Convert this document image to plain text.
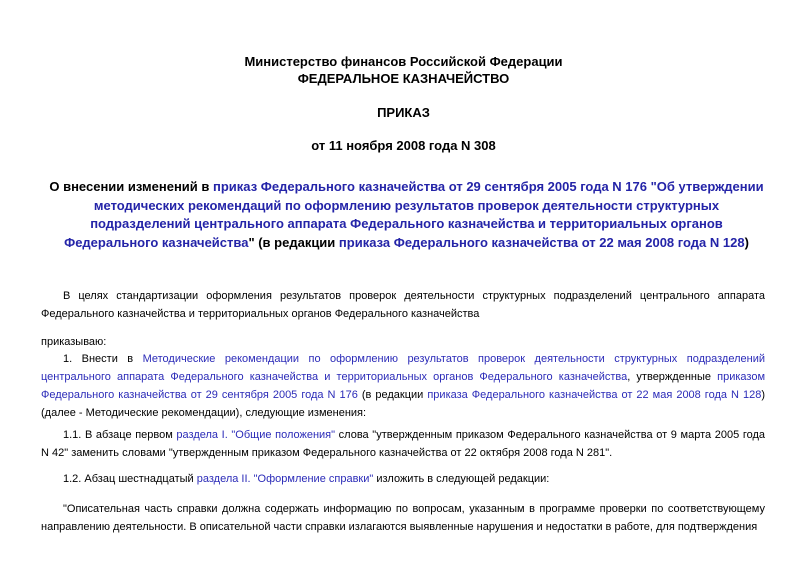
Министерство финансов Российской Федерации
ФЕДЕРАЛЬНОЕ КАЗНАЧЕЙСТВО
ПРИКАЗ
от 11 ноября 2008 года N 308
О внесении изменений в приказ Федерального казначейства от 29 сентября 2005 года N 176 "Об утверждении методических рекомендаций по оформлению результатов проверок деятельности структурных подразделений центрального аппарата Федерального казначейства и территориальных органов Федерального казначейства" (в редакции приказа Федерального казначейства от 22 мая 2008 года N 128)
В целях стандартизации оформления результатов проверок деятельности структурных подразделений центрального аппарата Федерального казначейства и территориальных органов Федерального казначейства
приказываю:
1. Внести в Методические рекомендации по оформлению результатов проверок деятельности структурных подразделений центрального аппарата Федерального казначейства и территориальных органов Федерального казначейства, утвержденные приказом Федерального казначейства от 29 сентября 2005 года N 176 (в редакции приказа Федерального казначейства от 22 мая 2008 года N 128) (далее - Методические рекомендации), следующие изменения:
1.1. В абзаце первом раздела I. "Общие положения" слова "утвержденным приказом Федерального казначейства от 9 марта 2005 года N 42" заменить словами "утвержденным приказом Федерального казначейства от 22 октября 2008 года N 281".
1.2. Абзац шестнадцатый раздела II. "Оформление справки" изложить в следующей редакции:
"Описательная часть справки должна содержать информацию по вопросам, указанным в программе проверки по соответствующему направлению деятельности. В описательной части справки излагаются выявленные нарушения и недостатки в работе, для подтверждения
